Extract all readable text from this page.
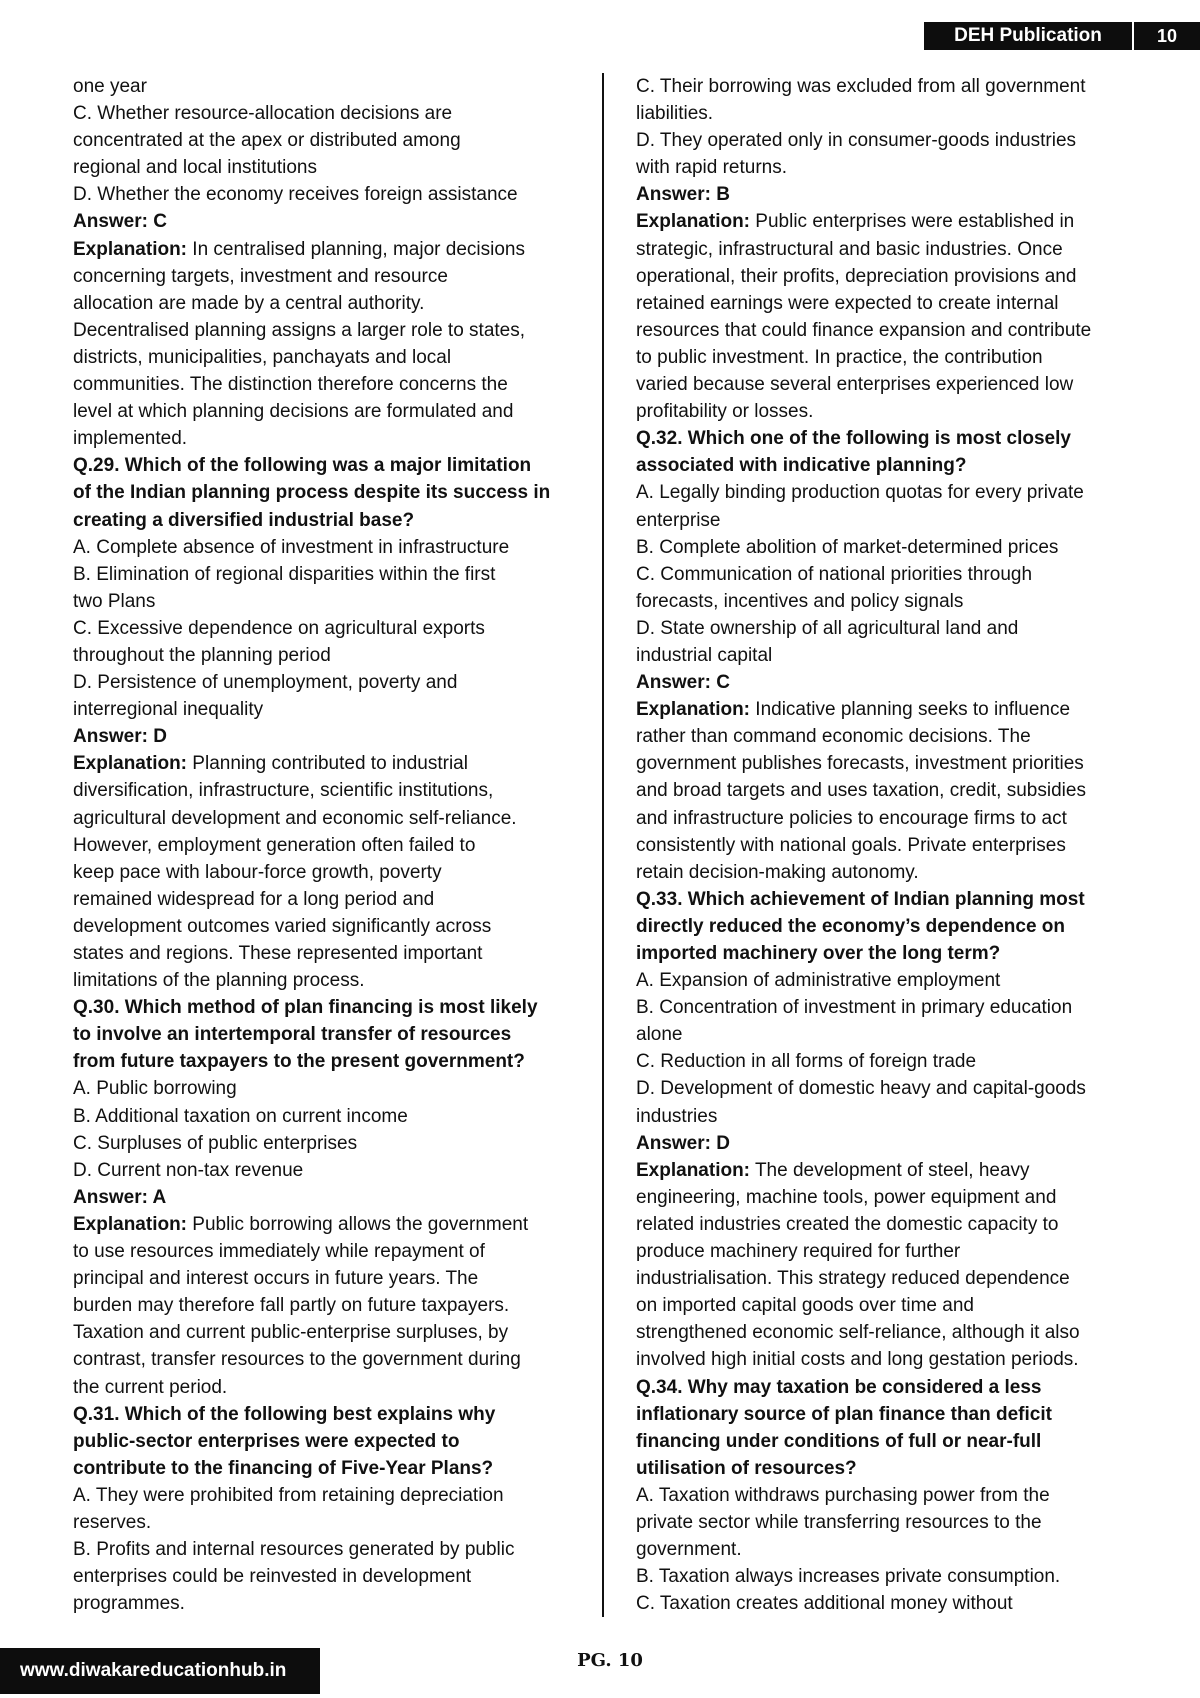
DEH Publication	10
one year
C. Whether resource-allocation decisions are
concentrated at the apex or distributed among
regional and local institutions
D. Whether the economy receives foreign assistance
Answer: C
Explanation: In centralised planning, major decisions
concerning targets, investment and resource
allocation are made by a central authority.
Decentralised planning assigns a larger role to states,
districts, municipalities, panchayats and local
communities. The distinction therefore concerns the
level at which planning decisions are formulated and
implemented.
Q.29. Which of the following was a major limitation
of the Indian planning process despite its success in
creating a diversified industrial base?
A. Complete absence of investment in infrastructure
B. Elimination of regional disparities within the first
two Plans
C. Excessive dependence on agricultural exports
throughout the planning period
D. Persistence of unemployment, poverty and
interregional inequality
Answer: D
Explanation: Planning contributed to industrial
diversification, infrastructure, scientific institutions,
agricultural development and economic self-reliance.
However, employment generation often failed to
keep pace with labour-force growth, poverty
remained widespread for a long period and
development outcomes varied significantly across
states and regions. These represented important
limitations of the planning process.
Q.30. Which method of plan financing is most likely
to involve an intertemporal transfer of resources
from future taxpayers to the present government?
A. Public borrowing
B. Additional taxation on current income
C. Surpluses of public enterprises
D. Current non-tax revenue
Answer: A
Explanation: Public borrowing allows the government
to use resources immediately while repayment of
principal and interest occurs in future years. The
burden may therefore fall partly on future taxpayers.
Taxation and current public-enterprise surpluses, by
contrast, transfer resources to the government during
the current period.
Q.31. Which of the following best explains why
public-sector enterprises were expected to
contribute to the financing of Five-Year Plans?
A. They were prohibited from retaining depreciation
reserves.
B. Profits and internal resources generated by public
enterprises could be reinvested in development
programmes.
C. Their borrowing was excluded from all government
liabilities.
D. They operated only in consumer-goods industries
with rapid returns.
Answer: B
Explanation: Public enterprises were established in
strategic, infrastructural and basic industries. Once
operational, their profits, depreciation provisions and
retained earnings were expected to create internal
resources that could finance expansion and contribute
to public investment. In practice, the contribution
varied because several enterprises experienced low
profitability or losses.
Q.32. Which one of the following is most closely
associated with indicative planning?
A. Legally binding production quotas for every private
enterprise
B. Complete abolition of market-determined prices
C. Communication of national priorities through
forecasts, incentives and policy signals
D. State ownership of all agricultural land and
industrial capital
Answer: C
Explanation: Indicative planning seeks to influence
rather than command economic decisions. The
government publishes forecasts, investment priorities
and broad targets and uses taxation, credit, subsidies
and infrastructure policies to encourage firms to act
consistently with national goals. Private enterprises
retain decision-making autonomy.
Q.33. Which achievement of Indian planning most
directly reduced the economy’s dependence on
imported machinery over the long term?
A. Expansion of administrative employment
B. Concentration of investment in primary education
alone
C. Reduction in all forms of foreign trade
D. Development of domestic heavy and capital-goods
industries
Answer: D
Explanation: The development of steel, heavy
engineering, machine tools, power equipment and
related industries created the domestic capacity to
produce machinery required for further
industrialisation. This strategy reduced dependence
on imported capital goods over time and
strengthened economic self-reliance, although it also
involved high initial costs and long gestation periods.
Q.34. Why may taxation be considered a less
inflationary source of plan finance than deficit
financing under conditions of full or near-full
utilisation of resources?
A. Taxation withdraws purchasing power from the
private sector while transferring resources to the
government.
B. Taxation always increases private consumption.
C. Taxation creates additional money without
www.diwakareducationhub.in	PG. 10
